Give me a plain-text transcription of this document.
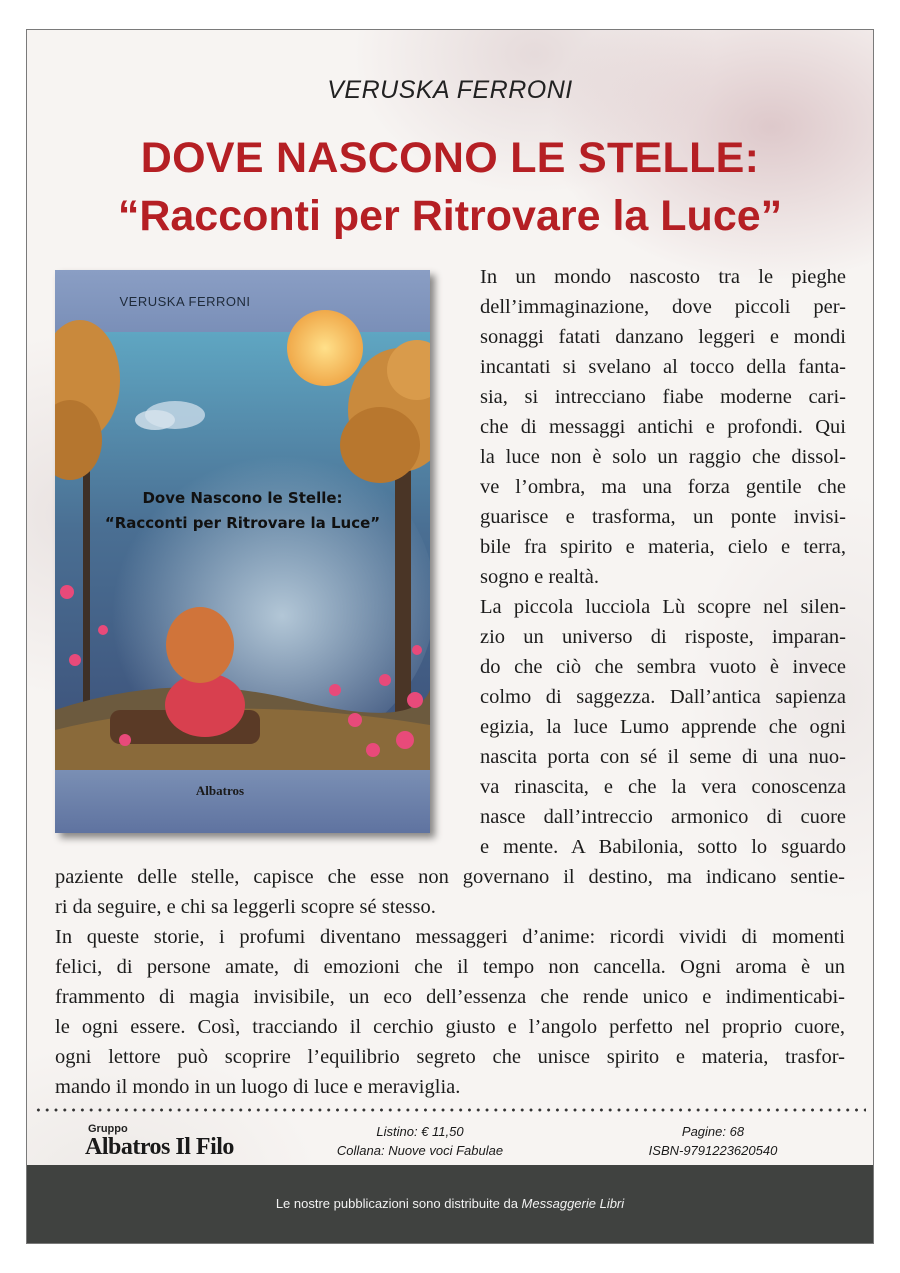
VERUSKA FERRONI
DOVE NASCONO LE STELLE:
“Racconti per Ritrovare la Luce”
VERUSKA FERRONI
Dove Nascono le Stelle:
“Racconti per Ritrovare la Luce”
Albatros

In un mondo nascosto tra le pieghe

dell’immaginazione, dove piccoli per-

sonaggi fatati danzano leggeri e mondi

incantati si svelano al tocco della fanta-

sia, si intrecciano fiabe moderne cari-

che di messaggi antichi e profondi. Qui

la luce non è solo un raggio che dissol-

ve l’ombra, ma una forza gentile che

guarisce e trasforma, un ponte invisi-

bile fra spirito e materia, cielo e terra,

sogno e realtà.

La piccola lucciola Lù scopre nel silen-

zio un universo di risposte, imparan-

do che ciò che sembra vuoto è invece

colmo di saggezza. Dall’antica sapienza

egizia, la luce Lumo apprende che ogni

nascita porta con sé il seme di una nuo-

va rinascita, e che la vera conoscenza

nasce dall’intreccio armonico di cuore

e mente. A Babilonia, sotto lo sguardo

paziente delle stelle, capisce che esse non governano il destino, ma indicano sentie-

ri da seguire, e chi sa leggerli scopre sé stesso.

In queste storie, i profumi diventano messaggeri d’anime: ricordi vividi di momenti

felici, di persone amate, di emozioni che il tempo non cancella. Ogni aroma è un

frammento di magia invisibile, un eco dell’essenza che rende unico e indimenticabi-

le ogni essere. Così, tracciando il cerchio giusto e l’angolo perfetto nel proprio cuore,

ogni lettore può scoprire l’equilibrio segreto che unisce spirito e materia, trasfor-

mando il mondo in un luogo di luce e meraviglia.

Gruppo
Albatros Il Filo
Listino: € 11,50
Collana: Nuove voci Fabulae
Pagine: 68
ISBN-9791223620540
Le nostre pubblicazioni sono distribuite da Messaggerie Libri
